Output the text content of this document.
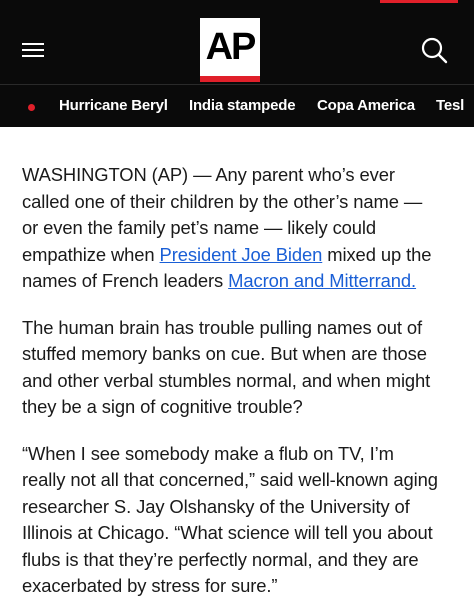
AP
Hurricane Beryl India stampede Copa America Tesl

WASHINGTON (AP) — Any parent who’s ever called one of their children by the other’s name — or even the family pet’s name — likely could empathize when President Joe Biden mixed up the names of French leaders Macron and Mitterrand.

The human brain has trouble pulling names out of stuffed memory banks on cue. But when are those and other verbal stumbles normal, and when might they be a sign of cognitive trouble?

“When I see somebody make a flub on TV, I’m really not all that concerned,” said well-known aging researcher S. Jay Olshansky of the University of Illinois at Chicago. “What science will tell you about flubs is that they’re perfectly normal, and they are exacerbated by stress for sure.”
